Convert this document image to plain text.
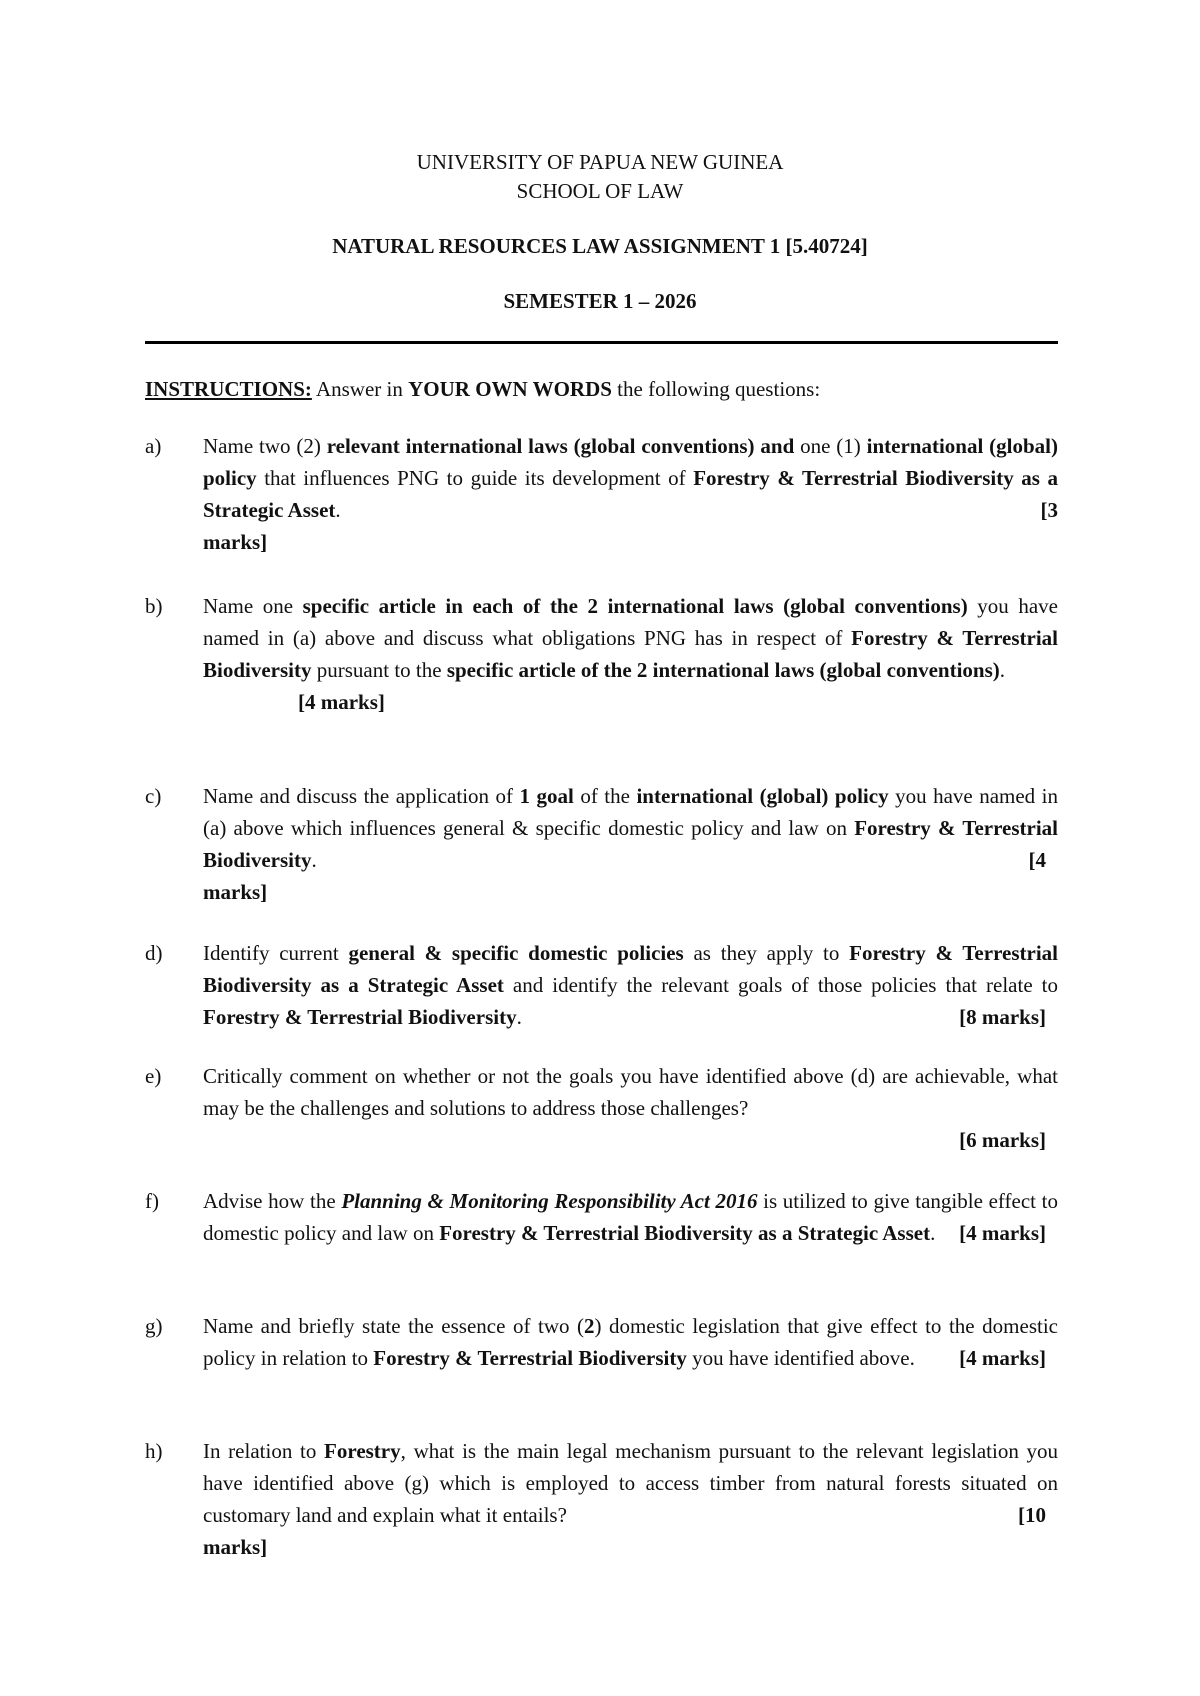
UNIVERSITY OF PAPUA NEW GUINEA
SCHOOL OF LAW
NATURAL RESOURCES LAW ASSIGNMENT 1 [5.40724]
SEMESTER 1 – 2026
INSTRUCTIONS: Answer in YOUR OWN WORDS the following questions:
a) Name two (2) relevant international laws (global conventions) and one (1) international (global) policy that influences PNG to guide its development of Forestry & Terrestrial Biodiversity as a Strategic Asset.	[3

marks]
b) Name one specific article in each of the 2 international laws (global conventions) you have named in (a) above and discuss what obligations PNG has in respect of Forestry & Terrestrial Biodiversity pursuant to the specific article of the 2 international laws (global conventions).
[4 marks]
c) Name and discuss the application of 1 goal of the international (global) policy you have named in (a) above which influences general & specific domestic policy and law on Forestry & Terrestrial Biodiversity.	[4

marks]
d) Identify current general & specific domestic policies as they apply to Forestry & Terrestrial Biodiversity as a Strategic Asset and identify the relevant goals of those policies that relate to Forestry & Terrestrial Biodiversity.	[8 marks]
e) Critically comment on whether or not the goals you have identified above (d) are achievable, what may be the challenges and solutions to address those challenges?
[6 marks]
f) Advise how the Planning & Monitoring Responsibility Act 2016 is utilized to give tangible effect to domestic policy and law on Forestry & Terrestrial Biodiversity as a Strategic Asset. [4 marks]
g) Name and briefly state the essence of two (2) domestic legislation that give effect to the domestic policy in relation to Forestry & Terrestrial Biodiversity you have identified above. [4 marks]
h) In relation to Forestry, what is the main legal mechanism pursuant to the relevant legislation you have identified above (g) which is employed to access timber from natural forests situated on customary land and explain what it entails?	[10

marks]
